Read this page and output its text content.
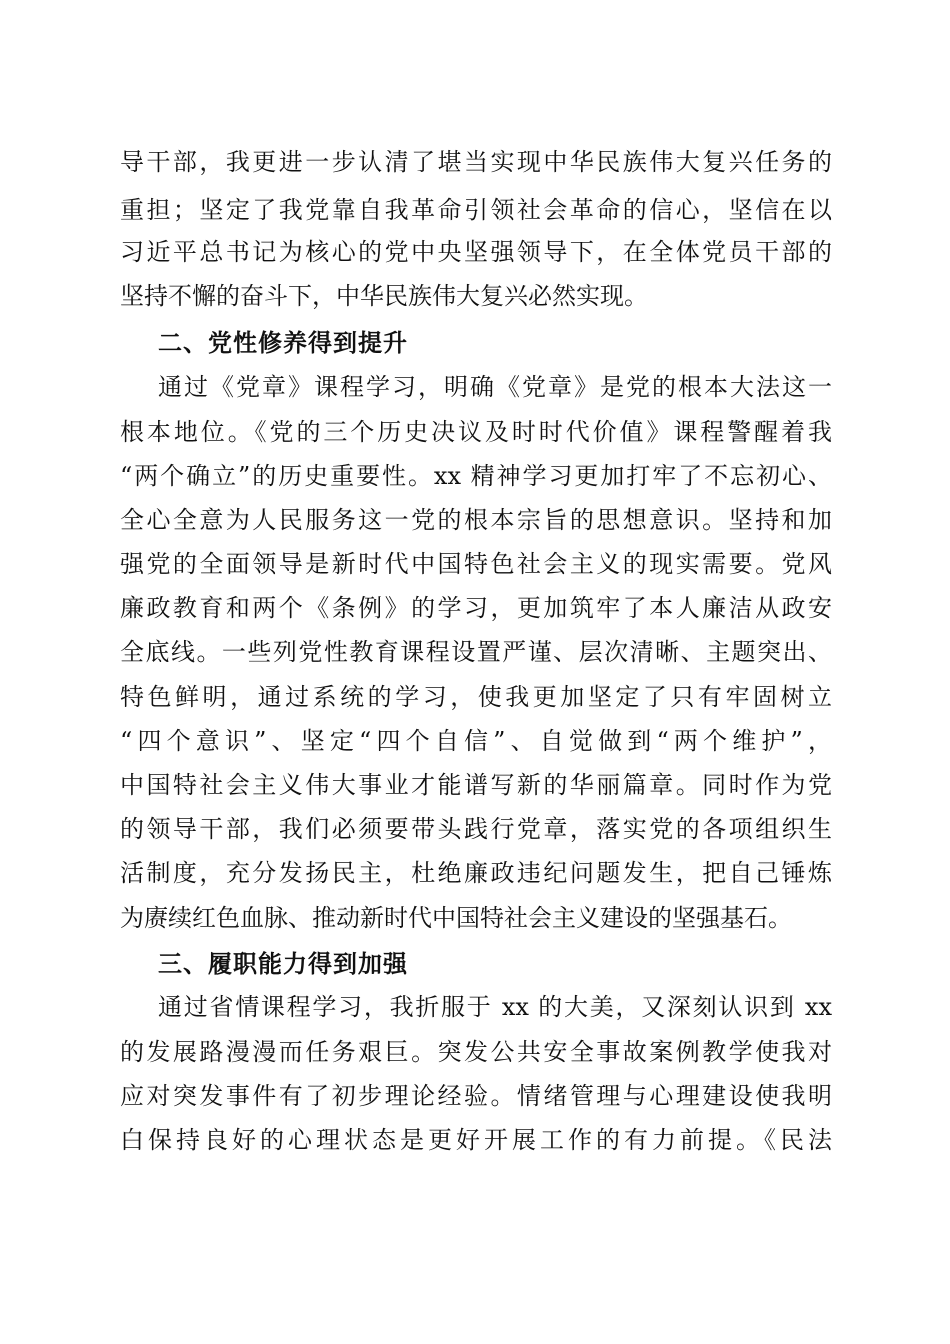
导干部，我更进一步认清了堪当实现中华民族伟大复兴任务的
重担；坚定了我党靠自我革命引领社会革命的信心，坚信在以
习近平总书记为核心的党中央坚强领导下，在全体党员干部的
坚持不懈的奋斗下，中华民族伟大复兴必然实现。
二、党性修养得到提升
通过《党章》课程学习，明确《党章》是党的根本大法这一
根本地位。《党的三个历史决议及时时代价值》课程警醒着我
“两个确立”的历史重要性。xx 精神学习更加打牢了不忘初心、
全心全意为人民服务这一党的根本宗旨的思想意识。坚持和加
强党的全面领导是新时代中国特色社会主义的现实需要。党风
廉政教育和两个《条例》的学习，更加筑牢了本人廉洁从政安
全底线。一些列党性教育课程设置严谨、层次清晰、主题突出、
特色鲜明，通过系统的学习，使我更加坚定了只有牢固树立
“四个意识”、坚定“四个自信”、自觉做到“两个维护”，
中国特社会主义伟大事业才能谱写新的华丽篇章。同时作为党
的领导干部，我们必须要带头践行党章，落实党的各项组织生
活制度，充分发扬民主，杜绝廉政违纪问题发生，把自己锤炼
为赓续红色血脉、推动新时代中国特社会主义建设的坚强基石。
三、履职能力得到加强
通过省情课程学习，我折服于 xx 的大美，又深刻认识到 xx
的发展路漫漫而任务艰巨。突发公共安全事故案例教学使我对
应对突发事件有了初步理论经验。情绪管理与心理建设使我明
白保持良好的心理状态是更好开展工作的有力前提。《民法
